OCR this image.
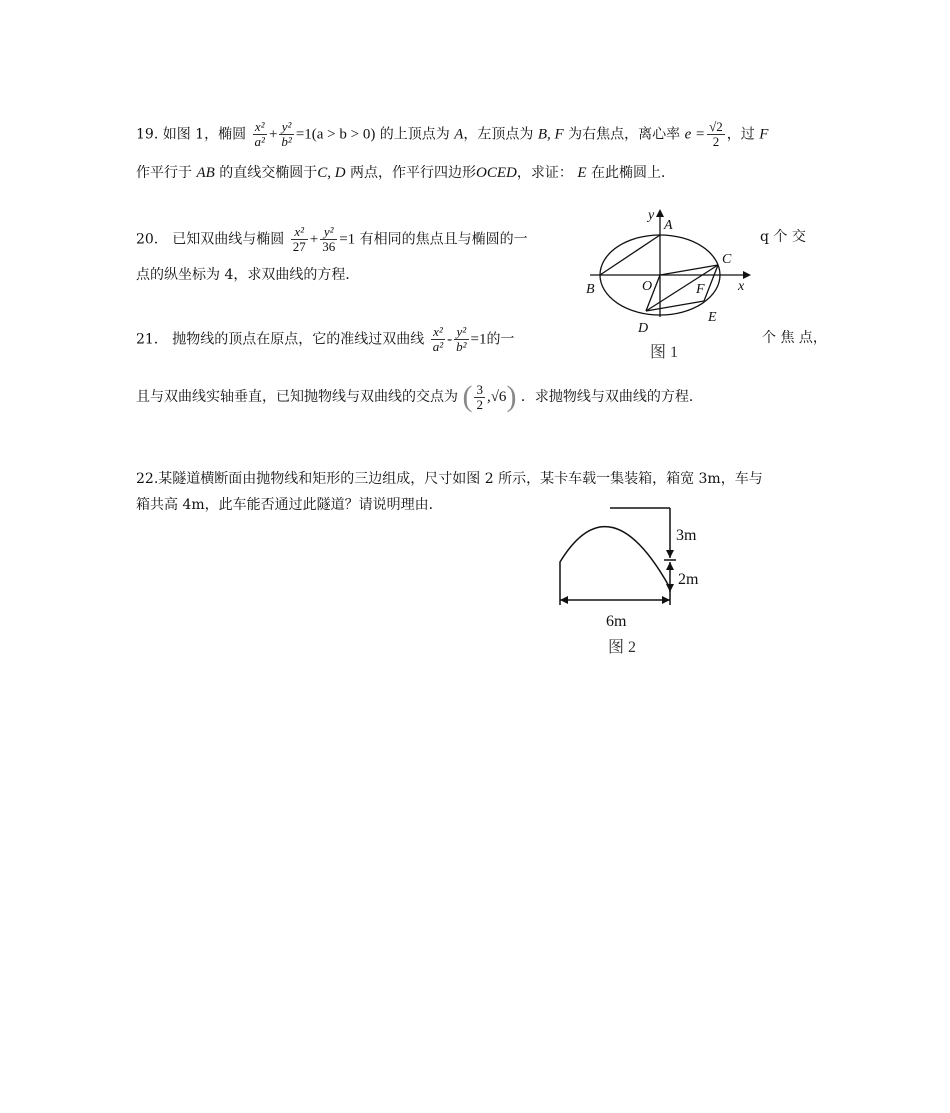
19. 如图 1，椭圆 $\frac{\text{x²}}{\text{a²}} + \frac{\text{y²}}{\text{b²}} =1(a > b > 0)$ 的上顶点为 A，左顶点为 B, F 为右焦点，离心率 $e = \frac{√2}{2}$ ，过 F
作平行于 AB 的直线交椭圆于C, D 两点，作平行四边形OCED，求证： E 在此椭圆上．
20． 已知双曲线与椭圆 $\frac{\text{x²}}{27} + \frac{\text{y²}}{36} =1$ 有相同的焦点且与椭圆的一	q 个 交
点的纵坐标为 4，求双曲线的方程．
21． 抛物线的顶点在原点，它的准线过双曲线 $\frac{\text{x²}}{\text{a²}} - \frac{\text{y²}}{\text{b²}} =1$的一	个 焦 点，
且与双曲线实轴垂直，已知抛物线与双曲线的交点为 ( $\frac{3}{2} ,√6$) ．求抛物线与双曲线的方程．
22.某隧道横断面由抛物线和矩形的三边组成，尺寸如图 2 所示，某卡车载一集装箱，箱宽 3m，车与
箱共高 4m，此车能否通过此隧道？请说明理由．
y
A
C
B	O	F x
D
E
图 1
3m
2m
6m
图 2
